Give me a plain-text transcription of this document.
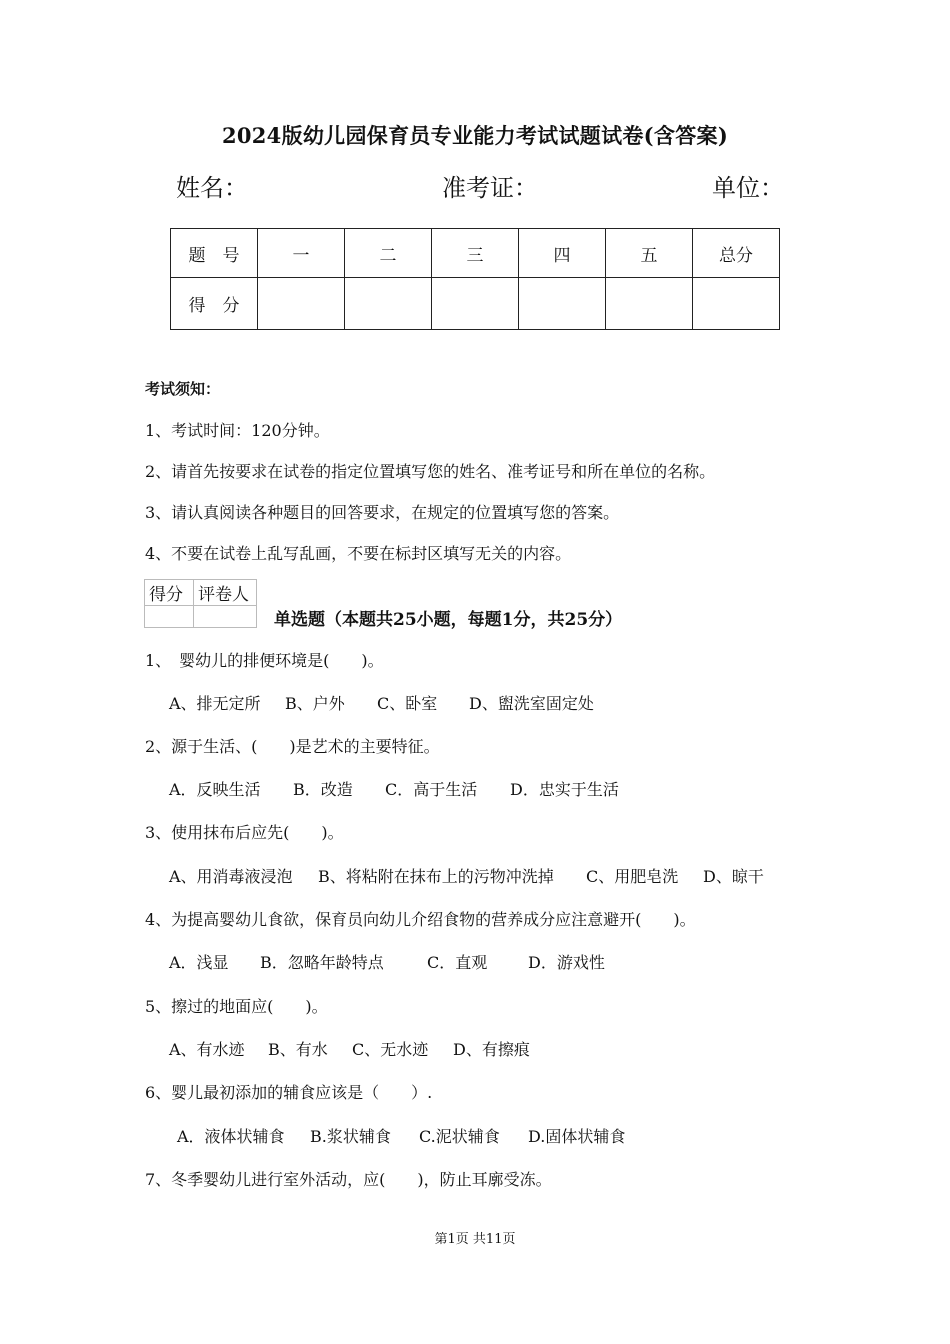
2024版幼儿园保育员专业能力考试试题试卷(含答案)
姓名：	准考证：	单位：
题　号	一	二	三	四	五	总分
得　分						
考试须知：
1、考试时间：120分钟。
2、请首先按要求在试卷的指定位置填写您的姓名、准考证号和所在单位的名称。
3、请认真阅读各种题目的回答要求，在规定的位置填写您的答案。
4、不要在试卷上乱写乱画，不要在标封区填写无关的内容。
得分	评卷人

单选题（本题共25小题，每题1分，共25分）
1、　婴幼儿的排便环境是(　　)。
A、排无定所 B、户外 C、卧室 D、盥洗室固定处
2、源于生活、(　　)是艺术的主要特征。
A．反映生活 B．改造 C．高于生活 D．忠实于生活
3、使用抹布后应先(　　)。
A、用消毒液浸泡 B、将粘附在抹布上的污物冲洗掉 C、用肥皂洗 D、晾干
4、为提高婴幼儿食欲，保育员向幼儿介绍食物的营养成分应注意避开(　　)。
A．浅显 B．忽略年龄特点	C．直观	D．游戏性
5、擦过的地面应(　　)。
A、有水迹 B、有水 C、无水迹 D、有擦痕
6、婴儿最初添加的辅食应该是（　　）.
A．液体状辅食 B.浆状辅食 C.泥状辅食 D.固体状辅食
7、冬季婴幼儿进行室外活动，应(　　)，防止耳廓受冻。
第1页 共11页
